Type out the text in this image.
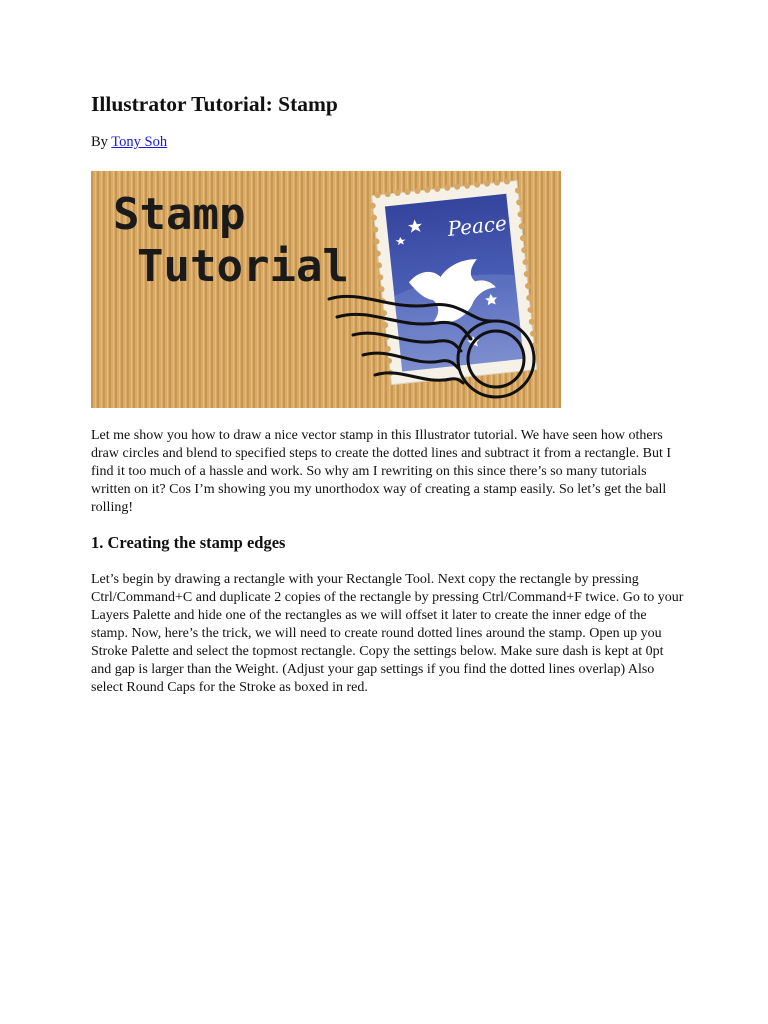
Illustrator Tutorial: Stamp
By Tony Soh
Stamp
Tutorial
Peace

Let me show you how to draw a nice vector stamp in this Illustrator tutorial. We have seen how others draw circles and blend to specified steps to create the dotted lines and subtract it from a rectangle. But I find it too much of a hassle and work. So why am I rewriting on this since there’s so many tutorials written on it? Cos I’m showing you my unorthodox way of creating a stamp easily. So let’s get the ball rolling!

1. Creating the stamp edges

Let’s begin by drawing a rectangle with your Rectangle Tool. Next copy the rectangle by pressing Ctrl/Command+C and duplicate 2 copies of the rectangle by pressing Ctrl/Command+F twice. Go to your Layers Palette and hide one of the rectangles as we will offset it later to create the inner edge of the stamp. Now, here’s the trick, we will need to create round dotted lines around the stamp. Open up you Stroke Palette and select the topmost rectangle. Copy the settings below. Make sure dash is kept at 0pt and gap is larger than the Weight. (Adjust your gap settings if you find the dotted lines overlap) Also select Round Caps for the Stroke as boxed in red.
